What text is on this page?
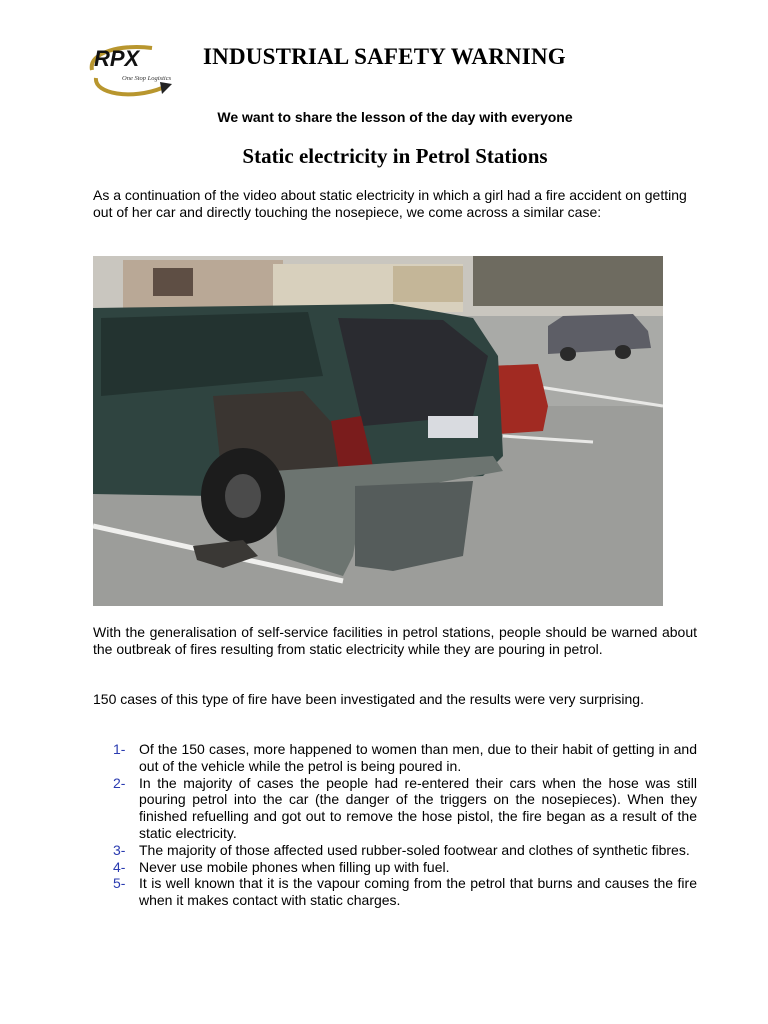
RPX
One Stop Logistics
INDUSTRIAL SAFETY WARNING
We want to share the lesson of the day with everyone
Static electricity in Petrol Stations
As a continuation of the video about static electricity in which a girl had a fire accident on getting out of her car and directly touching the nosepiece, we come across a similar case:
With the generalisation of self-service facilities in petrol stations, people should be warned about the outbreak of fires resulting from static electricity while they are pouring in petrol.
150 cases of this type of fire have been investigated and the results were very surprising.
1- Of the 150 cases, more happened to women than men, due to their habit of getting in and out of the vehicle while the petrol is being poured in.
2- In the majority of cases the people had re-entered their cars when the hose was still pouring petrol into the car (the danger of the triggers on the nosepieces). When they finished refuelling and got out to remove the hose pistol, the fire began as a result of the static electricity.
3- The majority of those affected used rubber-soled footwear and clothes of synthetic fibres.
4- Never use mobile phones when filling up with fuel.
5- It is well known that it is the vapour coming from the petrol that burns and causes the fire when it makes contact with static charges.
